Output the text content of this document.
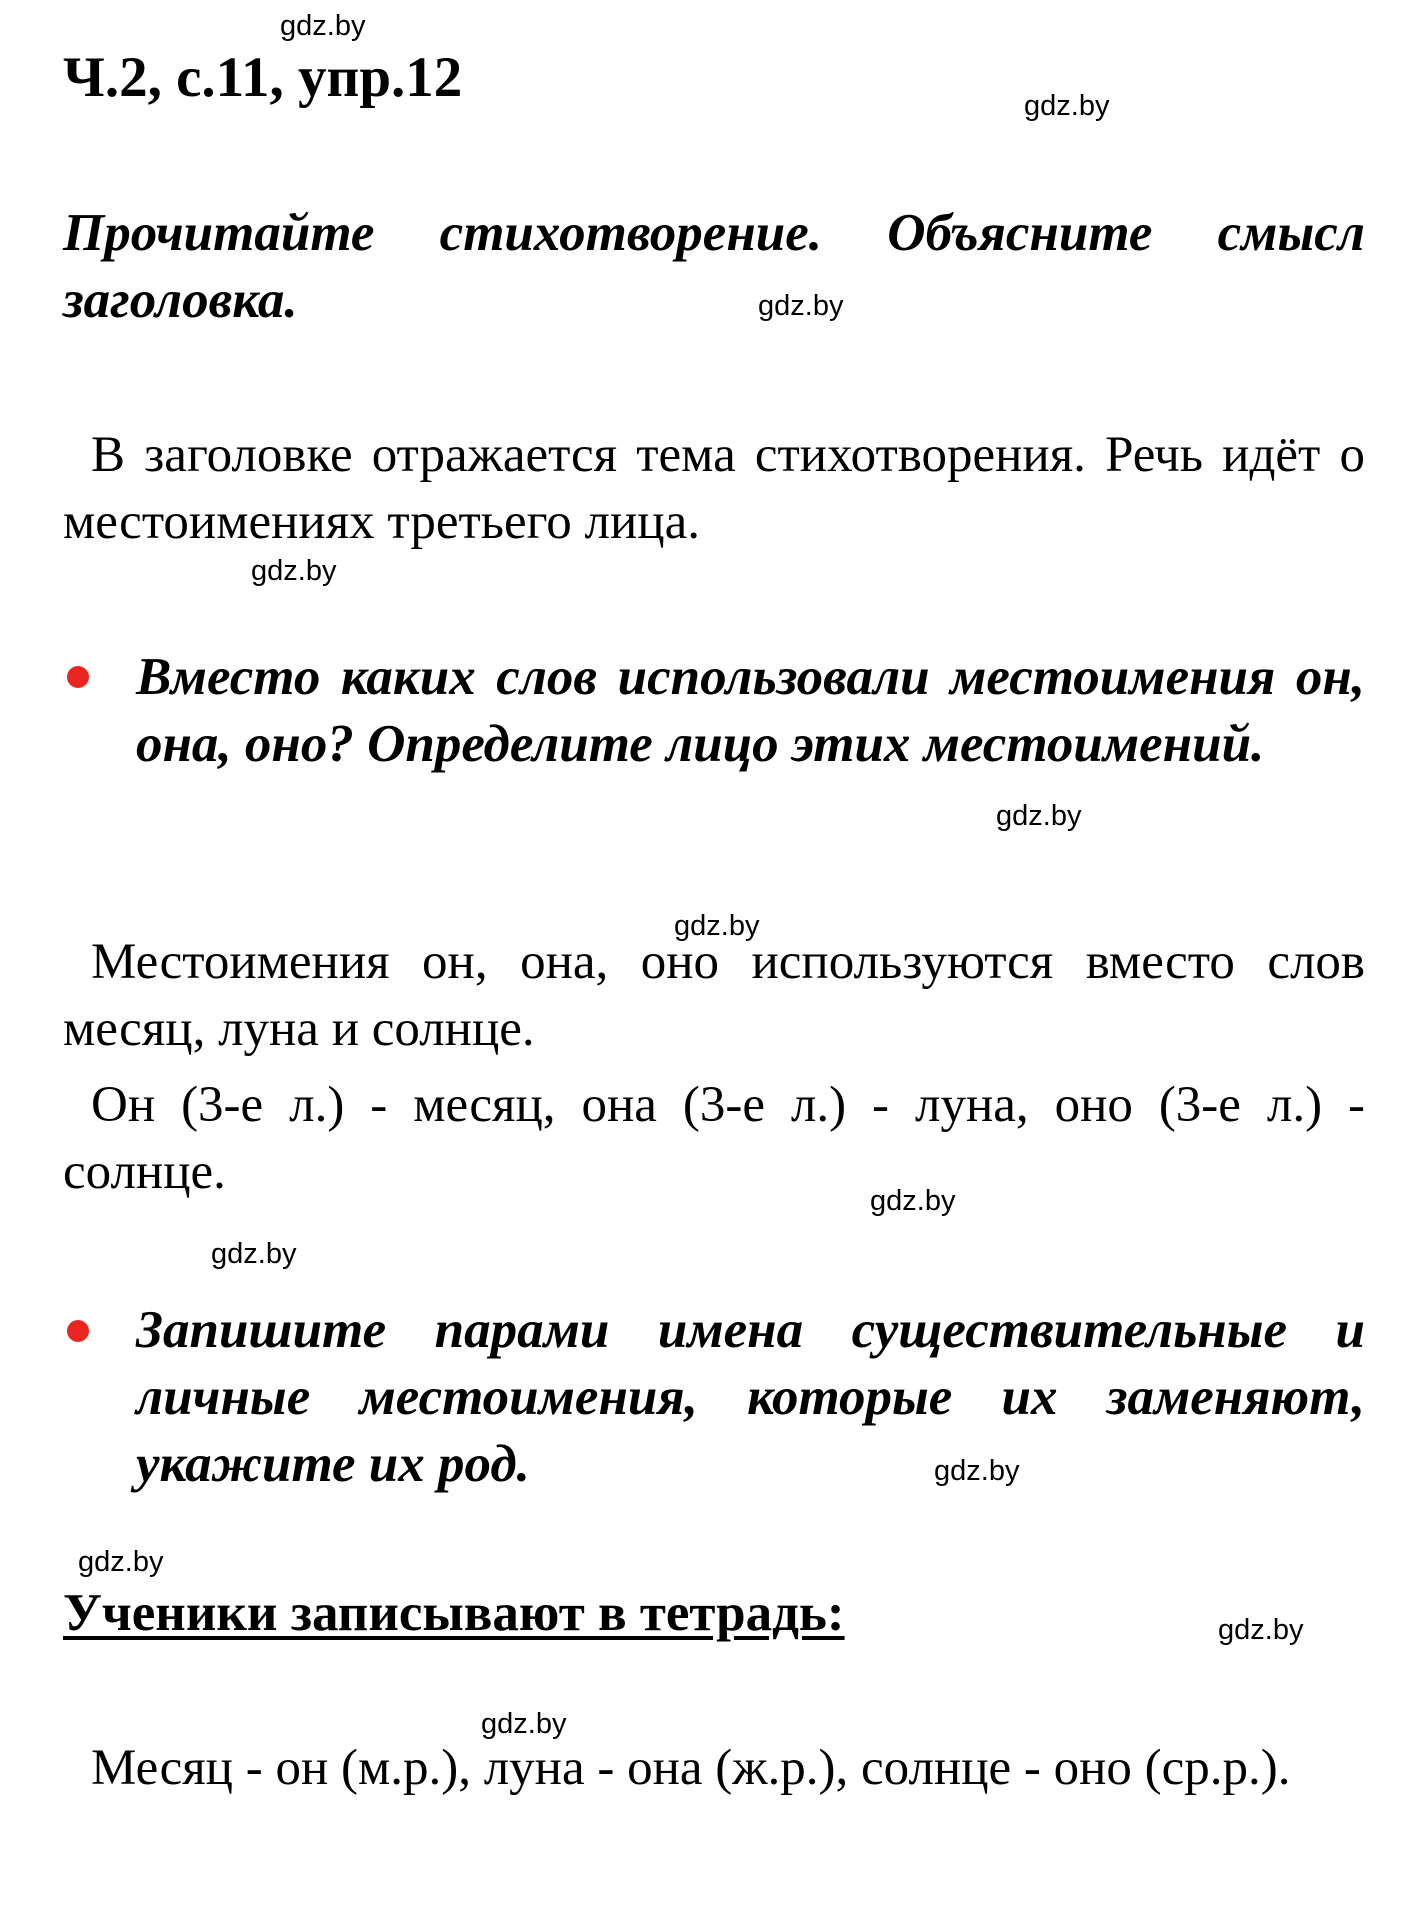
gdz.by
gdz.by
gdz.by
gdz.by
gdz.by
gdz.by
gdz.by
gdz.by
gdz.by
gdz.by
gdz.by
gdz.by
Ч.2, с.11, упр.12
Прочитайте стихотворение. Объясните смысл заголовка.
В заголовке отражается тема стихотворения. Речь идёт о местоимениях третьего лица.
Вместо каких слов использовали местоимения он, она, оно? Определите лицо этих местоимений.
Местоимения он, она, оно используются вместо слов месяц, луна и солнце.
Он (3-е л.) - месяц, она (3-е л.) - луна, оно (3-е л.) - солнце.
Запишите парами имена существительные и личные местоимения, которые их заменяют, укажите их род.
Ученики записывают в тетрадь:
Месяц - он (м.р.), луна - она (ж.р.), солнце - оно (ср.р.).
